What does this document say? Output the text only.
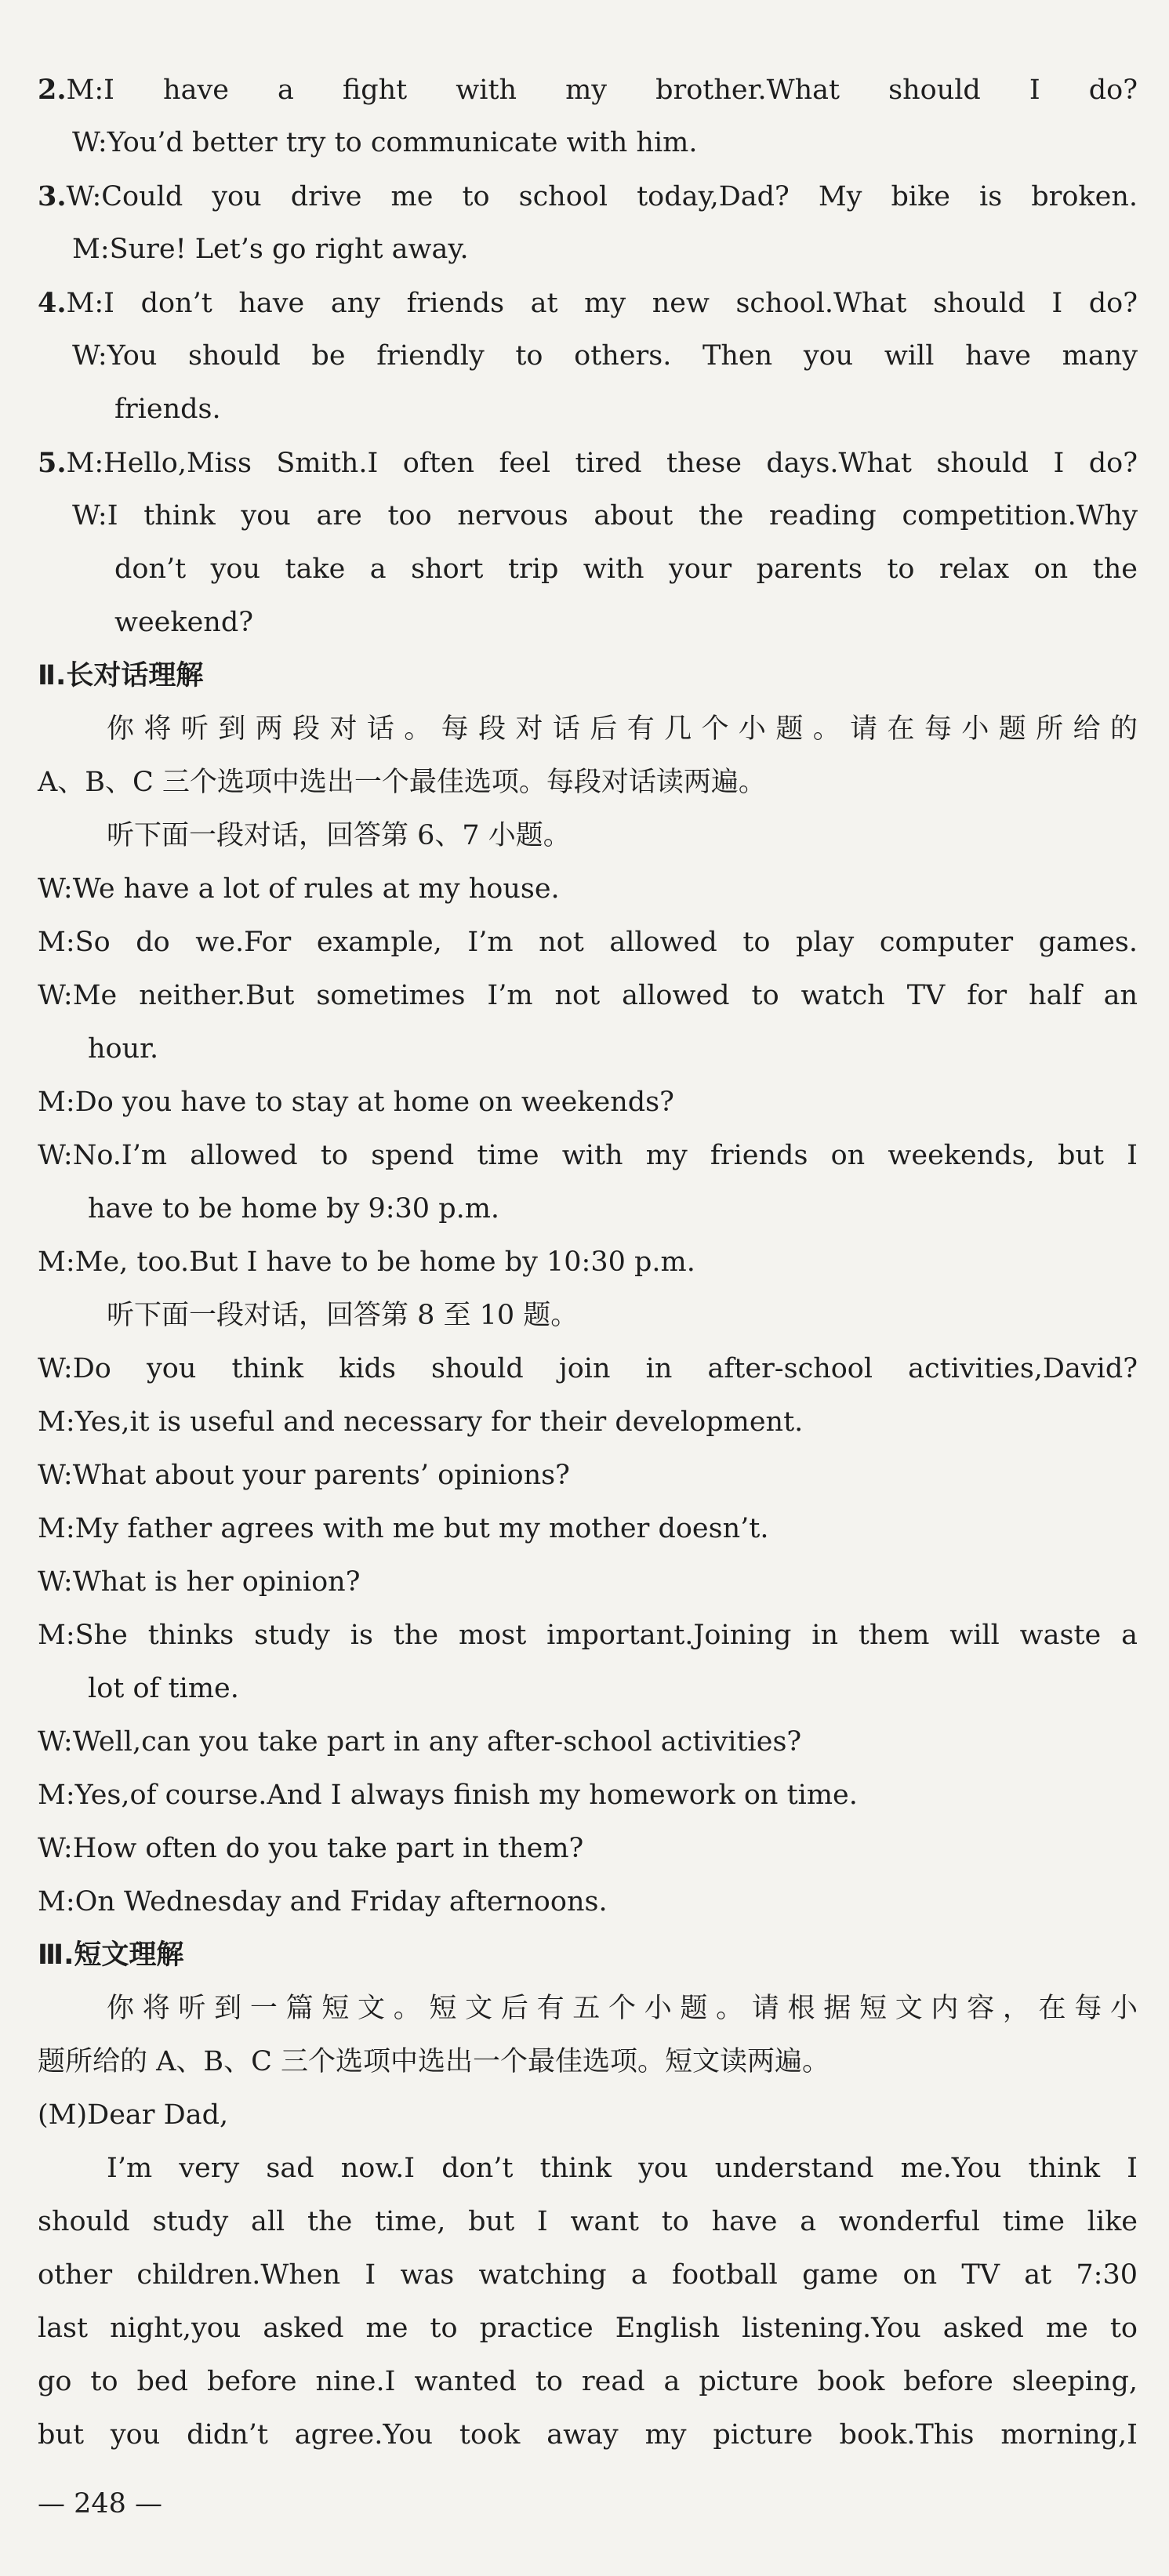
2.M:I have a fight with my brother.What should I do?
W:You’d better try to communicate with him.
3.W:Could you drive me to school today,Dad? My bike is broken.
M:Sure! Let’s go right away.
4.M:I don’t have any friends at my new school.What should I do?
W:You should be friendly to others. Then you will have many
friends.
5.M:Hello,Miss Smith.I often feel tired these days.What should I do?
W:I think you are too nervous about the reading competition.Why
don’t you take a short trip with your parents to relax on the
weekend?
Ⅱ.长对话理解
你将听到两段对话。每段对话后有几个小题。请在每小题所给的
A、B、C 三个选项中选出一个最佳选项。每段对话读两遍。
听下面一段对话，回答第 6、7 小题。
W:We have a lot of rules at my house.
M:So do we.For example, I’m not allowed to play computer games.
W:Me neither.But sometimes I’m not allowed to watch TV for half an
hour.
M:Do you have to stay at home on weekends?
W:No.I’m allowed to spend time with my friends on weekends, but I
have to be home by 9:30 p.m.
M:Me, too.But I have to be home by 10:30 p.m.
听下面一段对话，回答第 8 至 10 题。
W:Do you think kids should join in after-school activities,David?
M:Yes,it is useful and necessary for their development.
W:What about your parents’ opinions?
M:My father agrees with me but my mother doesn’t.
W:What is her opinion?
M:She thinks study is the most important.Joining in them will waste a
lot of time.
W:Well,can you take part in any after-school activities?
M:Yes,of course.And I always finish my homework on time.
W:How often do you take part in them?
M:On Wednesday and Friday afternoons.
Ⅲ.短文理解
你将听到一篇短文。短文后有五个小题。请根据短文内容，在每小
题所给的 A、B、C 三个选项中选出一个最佳选项。短文读两遍。
(M)Dear Dad,
I’m very sad now.I don’t think you understand me.You think I
should study all the time, but I want to have a wonderful time like
other children.When I was watching a football game on TV at 7:30
last night,you asked me to practice English listening.You asked me to
go to bed before nine.I wanted to read a picture book before sleeping,
but you didn’t agree.You took away my picture book.This morning,I
— 248 —
